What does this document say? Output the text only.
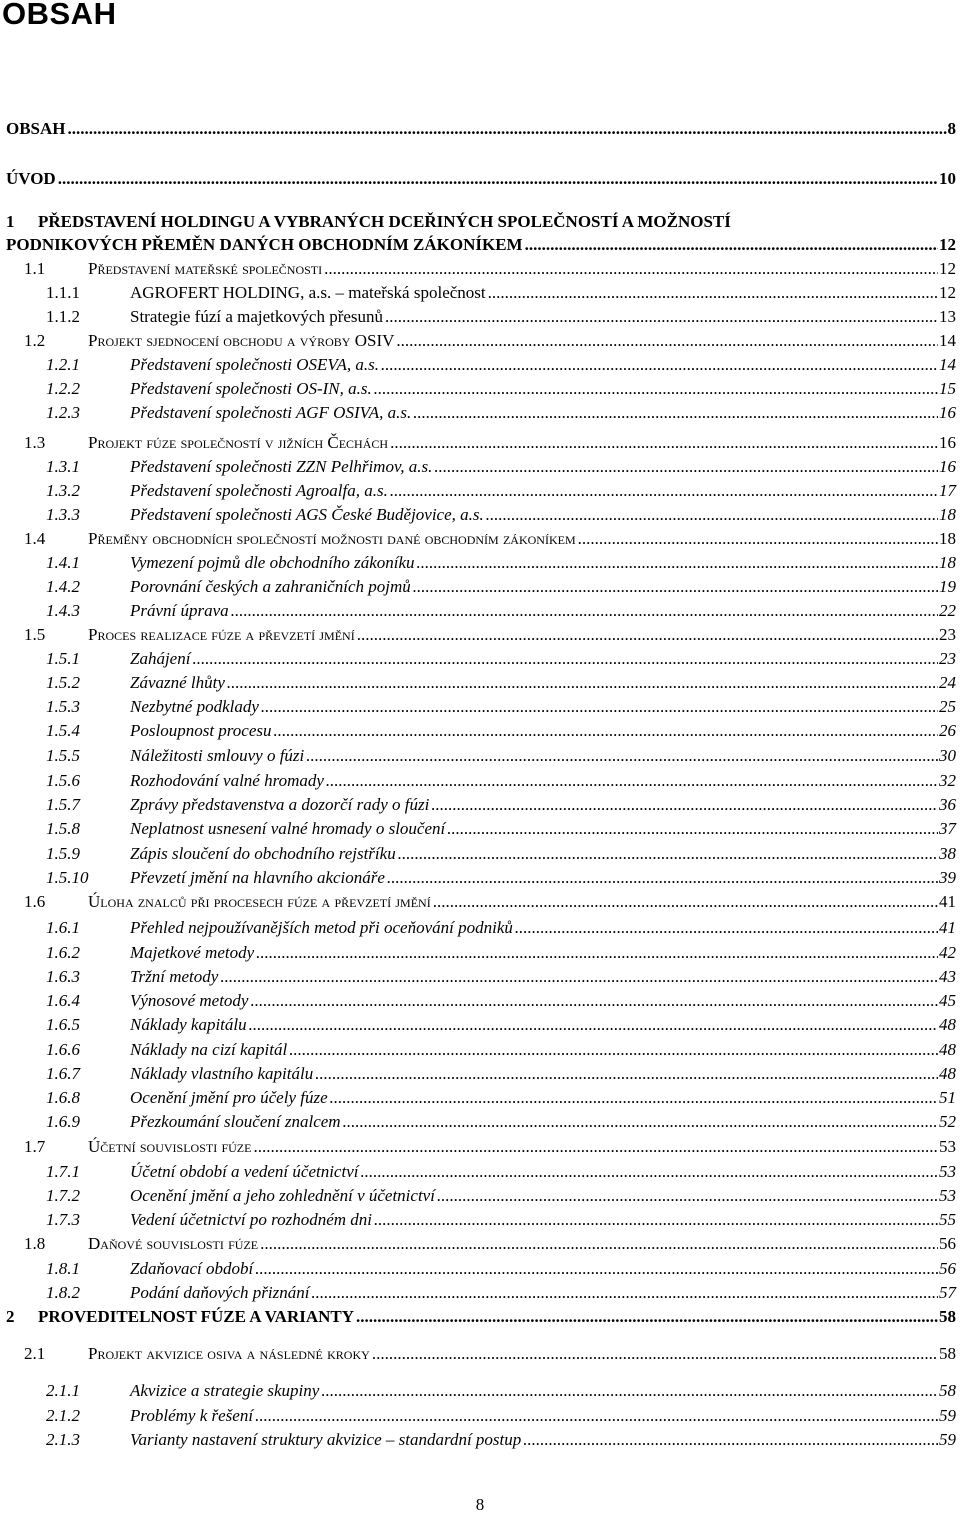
OBSAH
OBSAH .....	8
ÚVOD .....	10
1 PŘEDSTAVENÍ HOLDINGU A VYBRANÝCH DCEŘINÝCH SPOLEČNOSTÍ A MOŽNOSTÍ
PODNIKOVÝCH PŘEMĚN DANÝCH OBCHODNÍM ZÁKONÍKEM .....	12
1.1	Představení mateřské společnosti .....	12
1.1.1	AGROFERT HOLDING, a.s. – mateřská společnost .....	12
1.1.2	Strategie fúzí a majetkových přesunů .....	13
1.2	Projekt sjednocení obchodu a výroby OSIV .....	14
1.2.1	Představení společnosti OSEVA, a.s. .....	14
1.2.2	Představení společnosti OS-IN, a.s. .....	15
1.2.3	Představení společnosti AGF OSIVA, a.s. .....	16
1.3	Projekt fúze společností v jižních Čechách .....	16
1.3.1	Představení společnosti ZZN Pelhřimov, a.s. .....	16
1.3.2	Představení společnosti Agroalfa, a.s. .....	17
1.3.3	Představení společnosti AGS České Budějovice, a.s. .....	18
1.4	Přeměny obchodních společností možnosti dané obchodním zákoníkem .....	18
1.4.1	Vymezení pojmů dle obchodního zákoníku .....	18
1.4.2	Porovnání českých a zahraničních pojmů .....	19
1.4.3	Právní úprava .....	22
1.5	Proces realizace fúze a převzetí jmění .....	23
1.5.1	Zahájení .....	23
1.5.2	Závazné lhůty .....	24
1.5.3	Nezbytné podklady .....	25
1.5.4	Posloupnost procesu .....	26
1.5.5	Náležitosti smlouvy o fúzi .....	30
1.5.6	Rozhodování valné hromady .....	32
1.5.7	Zprávy představenstva a dozorčí rady o fúzi .....	36
1.5.8	Neplatnost usnesení valné hromady o sloučení .....	37
1.5.9	Zápis sloučení do obchodního rejstříku .....	38
1.5.10 Převzetí jmění na hlavního akcionáře .....	39
1.6	Úloha znalců při procesech fúze a převzetí jmění .....	41
1.6.1	Přehled nejpoužívanějších metod při oceňování podniků .....	41
1.6.2	Majetkové metody .....	42
1.6.3	Tržní metody .....	43
1.6.4	Výnosové metody .....	45
1.6.5	Náklady kapitálu .....	48
1.6.6	Náklady na cizí kapitál .....	48
1.6.7	Náklady vlastního kapitálu .....	48
1.6.8	Ocenění jmění pro účely fúze .....	51
1.6.9	Přezkoumání sloučení znalcem .....	52
1.7	Účetní souvislosti fúze .....	53
1.7.1	Účetní období a vedení účetnictví .....	53
1.7.2	Ocenění jmění a jeho zohlednění v účetnictví .....	53
1.7.3	Vedení účetnictví po rozhodném dni .....	55
1.8	Daňové souvislosti fúze .....	56
1.8.1	Zdaňovací období .....	56
1.8.2	Podání daňových přiznání .....	57
2 PROVEDITELNOST FÚZE A VARIANTY .....	58
2.1	Projekt akvizice osiva a následné kroky .....	58
2.1.1	Akvizice a strategie skupiny .....	58
2.1.2	Problémy k řešení .....	59
2.1.3	Varianty nastavení struktury akvizice – standardní postup .....	59
8
